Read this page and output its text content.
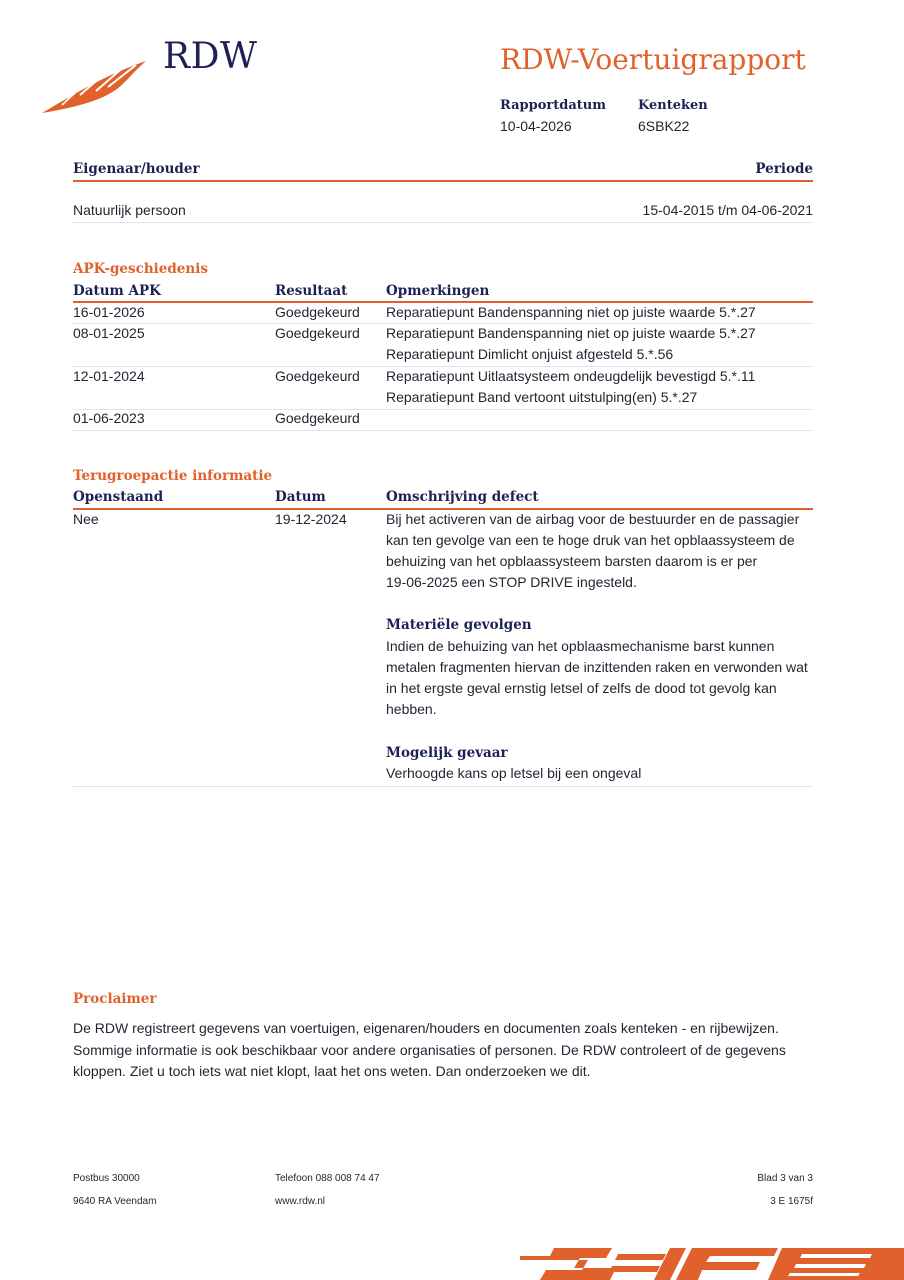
RDW	RDW-Voertuigrapport
Rapportdatum
10-04-2026
Kenteken
6SBK22
Eigenaar/houder	Periode
Natuurlijk persoon	15-04-2015 t/m 04-06-2021
APK-geschiedenis
Datum APK	Resultaat	Opmerkingen
16-01-2026	Goedgekeurd Reparatiepunt Bandenspanning niet op juiste waarde 5.*.27
08-01-2025	Goedgekeurd Reparatiepunt Bandenspanning niet op juiste waarde 5.*.27
Reparatiepunt Dimlicht onjuist afgesteld 5.*.56
12-01-2024	Goedgekeurd Reparatiepunt Uitlaatsysteem ondeugdelijk bevestigd 5.*.11
Reparatiepunt Band vertoont uitstulping(en) 5.*.27
01-06-2023	Goedgekeurd
Terugroepactie informatie
Openstaand	Datum	Omschrijving defect
Nee	19-12-2024	Bij het activeren van de airbag voor de bestuurder en de passagier
kan ten gevolge van een te hoge druk van het opblaassysteem de
behuizing van het opblaassysteem barsten daarom is er per
19-06-2025 een STOP DRIVE ingesteld.
Materiële gevolgen
Indien de behuizing van het opblaasmechanisme barst kunnen
metalen fragmenten hiervan de inzittenden raken en verwonden wat
in het ergste geval ernstig letsel of zelfs de dood tot gevolg kan
hebben.
Mogelijk gevaar
Verhoogde kans op letsel bij een ongeval
Proclaimer
De RDW registreert gegevens van voertuigen, eigenaren/houders en documenten zoals kenteken - en rijbewijzen.
Sommige informatie is ook beschikbaar voor andere organisaties of personen. De RDW controleert of de gegevens
kloppen. Ziet u toch iets wat niet klopt, laat het ons weten. Dan onderzoeken we dit.
Postbus 30000
9640 RA Veendam
Telefoon 088 008 74 47
www.rdw.nl
Blad 3 van 3
3 E 1675f
